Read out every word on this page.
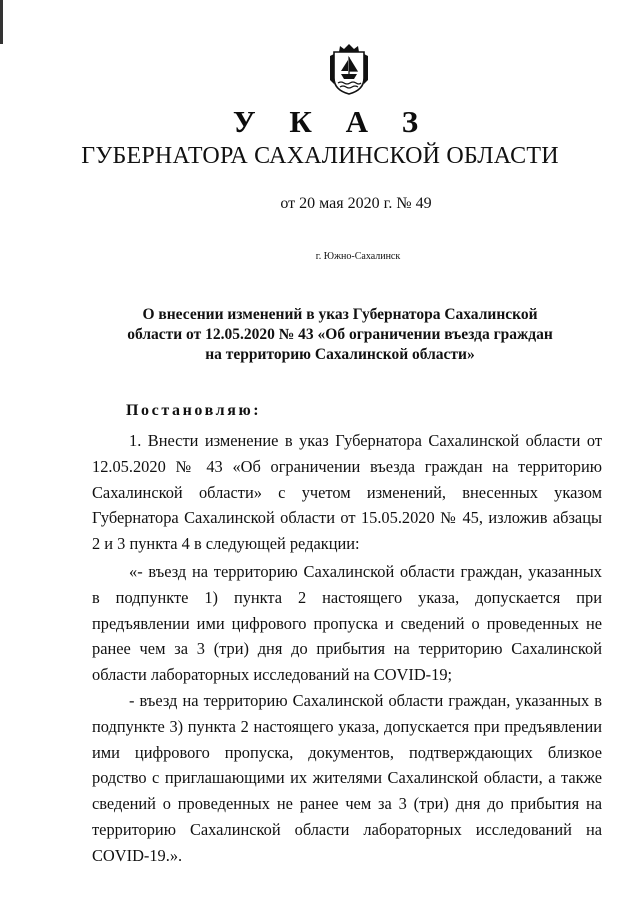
У К А З
ГУБЕРНАТОРА САХАЛИНСКОЙ ОБЛАСТИ
от 20 мая 2020 г. № 49
г. Южно-Сахалинск
О внесении изменений в указ Губернатора Сахалинской области от 12.05.2020 № 43 «Об ограничении въезда граждан на территорию Сахалинской области»
Постановляю:

1. Внести изменение в указ Губернатора Сахалинской области от 12.05.2020 № 43 «Об ограничении въезда граждан на территорию Сахалинской области» с учетом изменений, внесенных указом Губернатора Сахалинской области от 15.05.2020 № 45, изложив абзацы 2 и 3 пункта 4 в следующей редакции:

«- въезд на территорию Сахалинской области граждан, указанных в подпункте 1) пункта 2 настоящего указа, допускается при предъявлении ими цифрового пропуска и сведений о проведенных не ранее чем за 3 (три) дня до прибытия на территорию Сахалинской области лабораторных исследований на COVID-19;

- въезд на территорию Сахалинской области граждан, указанных в подпункте 3) пункта 2 настоящего указа, допускается при предъявлении ими цифрового пропуска, документов, подтверждающих близкое родство с приглашающими их жителями Сахалинской области, а также сведений о проведенных не ранее чем за 3 (три) дня до прибытия на территорию Сахалинской области лабораторных исследований на COVID-19.».
